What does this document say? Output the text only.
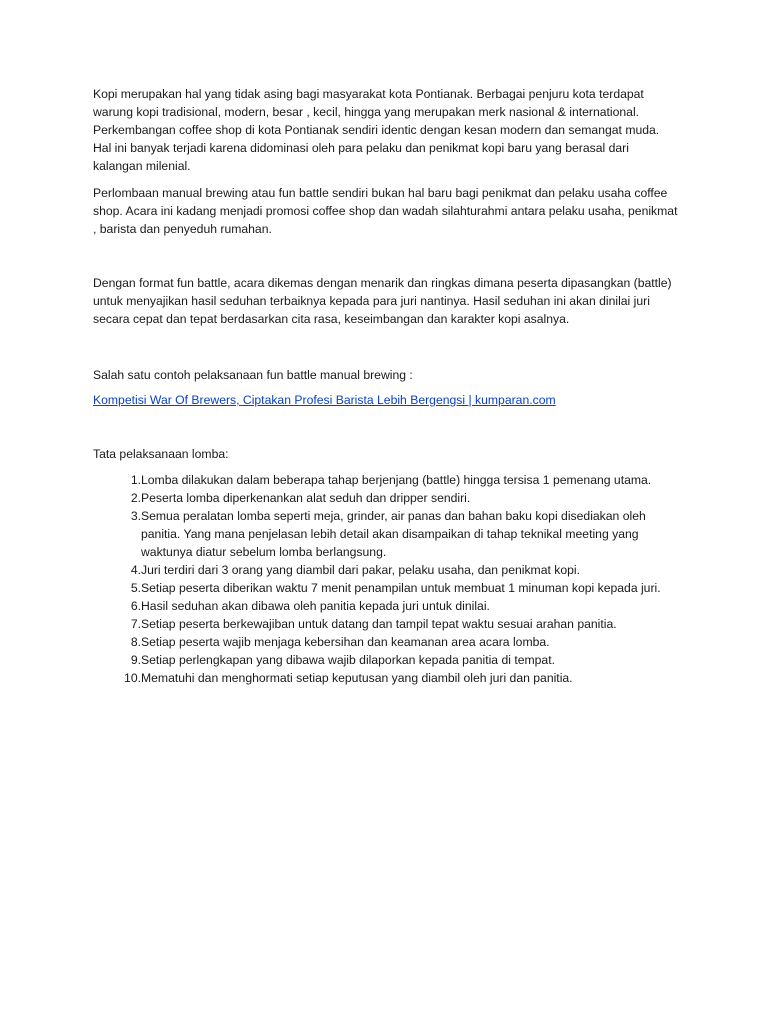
Kopi merupakan hal yang tidak asing bagi masyarakat kota Pontianak. Berbagai penjuru kota terdapat warung kopi tradisional, modern, besar , kecil, hingga yang merupakan merk nasional & international. Perkembangan coffee shop di kota Pontianak sendiri identic dengan kesan modern dan semangat muda. Hal ini banyak terjadi karena didominasi oleh para pelaku dan penikmat kopi baru yang berasal dari kalangan milenial.

Perlombaan manual brewing atau fun battle sendiri bukan hal baru bagi penikmat dan pelaku usaha coffee shop. Acara ini kadang menjadi promosi coffee shop dan wadah silahturahmi antara pelaku usaha, penikmat , barista dan penyeduh rumahan.

Dengan format fun battle, acara dikemas dengan menarik dan ringkas dimana peserta dipasangkan (battle) untuk menyajikan hasil seduhan terbaiknya kepada para juri nantinya. Hasil seduhan ini akan dinilai juri secara cepat dan tepat berdasarkan cita rasa, keseimbangan dan karakter kopi asalnya.

Salah satu contoh pelaksanaan fun battle manual brewing :

Kompetisi War Of Brewers, Ciptakan Profesi Barista Lebih Bergengsi | kumparan.com

Tata pelaksanaan lomba:

1. Lomba dilakukan dalam beberapa tahap berjenjang (battle) hingga tersisa 1 pemenang utama.
2. Peserta lomba diperkenankan alat seduh dan dripper sendiri.
3. Semua peralatan lomba seperti meja, grinder, air panas dan bahan baku kopi disediakan oleh panitia. Yang mana penjelasan lebih detail akan disampaikan di tahap teknikal meeting yang waktunya diatur sebelum lomba berlangsung.
4. Juri terdiri dari 3 orang yang diambil dari pakar, pelaku usaha, dan penikmat kopi.
5. Setiap peserta diberikan waktu 7 menit penampilan untuk membuat 1 minuman kopi kepada juri.
6. Hasil seduhan akan dibawa oleh panitia kepada juri untuk dinilai.
7. Setiap peserta berkewajiban untuk datang dan tampil tepat waktu sesuai arahan panitia.
8. Setiap peserta wajib menjaga kebersihan dan keamanan area acara lomba.
9. Setiap perlengkapan yang dibawa wajib dilaporkan kepada panitia di tempat.
10. Mematuhi dan menghormati setiap keputusan yang diambil oleh juri dan panitia.
